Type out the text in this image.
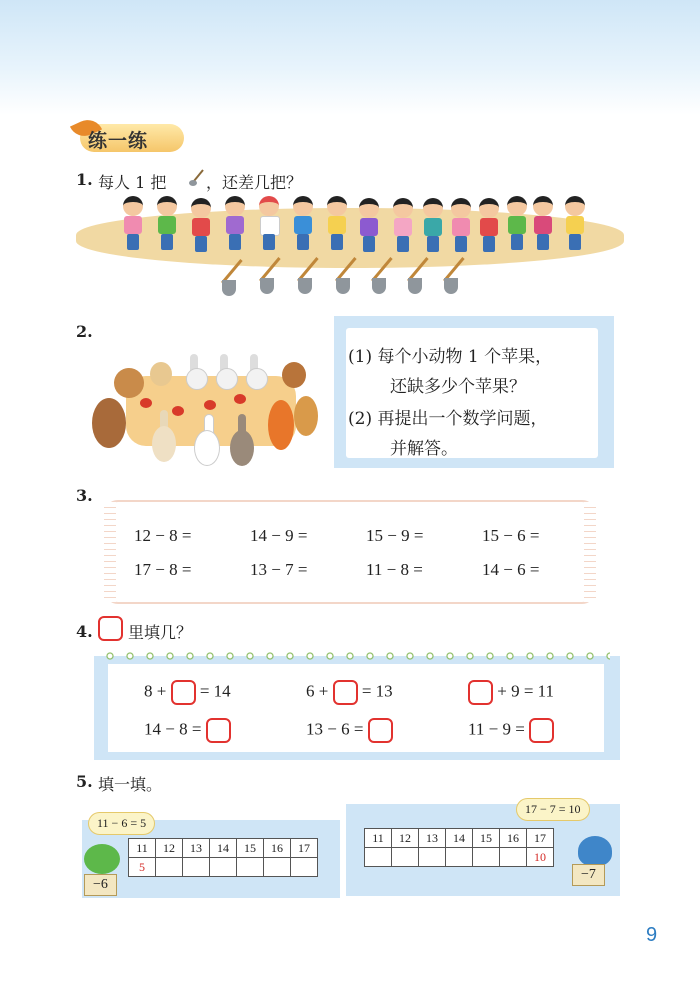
练一练
1. 每人 1 把 ，还差几把？
2.
(1) 每个小动物 1 个苹果，
还缺多少个苹果？
(2) 再提出一个数学问题，
并解答。
3.
12 − 8 =	14 − 9 =	15 − 9 =	15 − 6 =
17 − 8 =	13 − 7 =	11 − 8 =	14 − 6 =
4. 里填几？
8 + = 14	6 + = 13	+ 9 = 11
14 − 8 =	13 − 6 =	11 − 9 =
5. 填一填。
11 − 6 = 5
11	12	13	14	15	16	17
5						
−6
17 − 7 = 10
11	12	13	14	15	16	17
						10
−7
9
